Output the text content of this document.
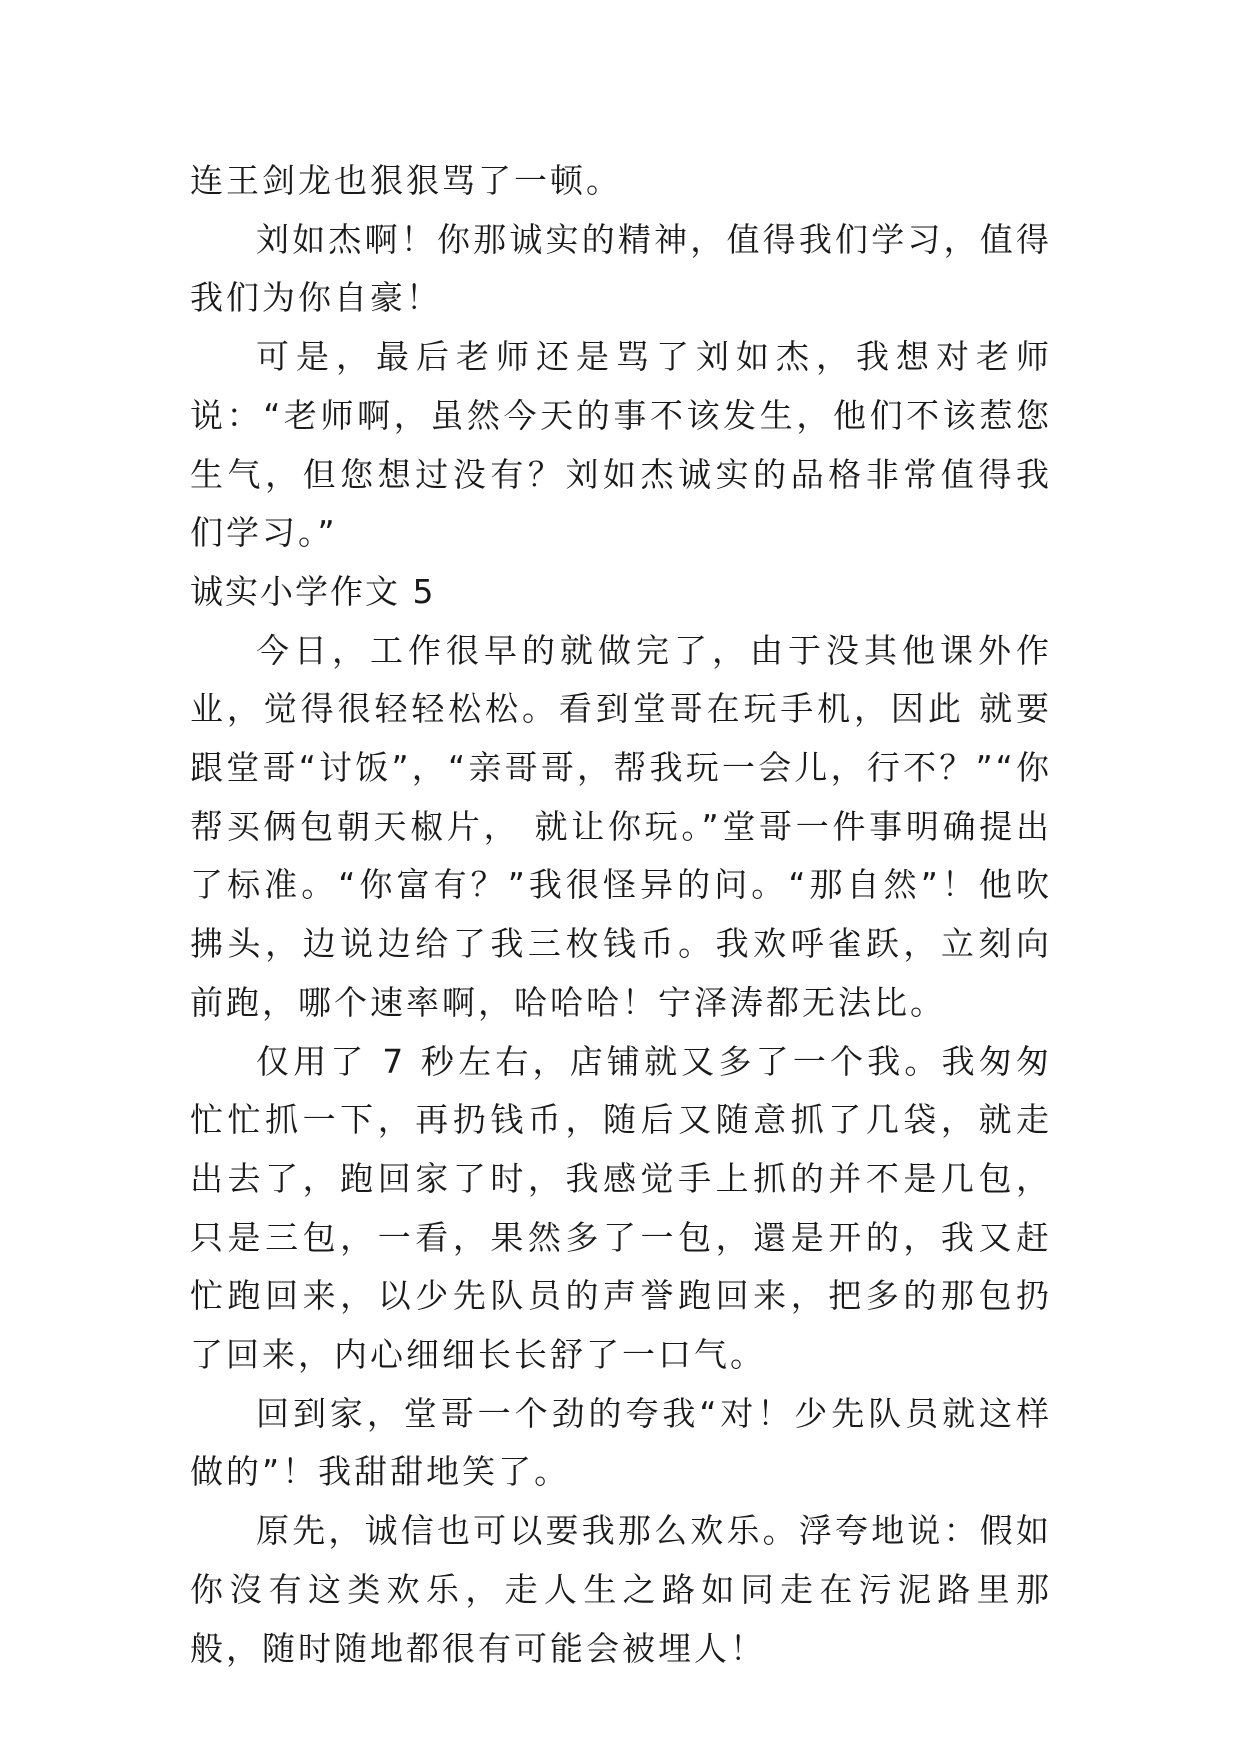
连王剑龙也狠狠骂了一顿。

刘如杰啊！你那诚实的精神，值得我们学习，值得我们为你自豪！

可是，最后老师还是骂了刘如杰，我想对老师说：“老师啊，虽然今天的事不该发生，他们不该惹您生气，但您想过没有？刘如杰诚实的品格非常值得我们学习。”

诚实小学作文 5

今日，工作很早的就做完了，由于没其他课外作业，觉得很轻轻松松。看到堂哥在玩手机，因此 就要跟堂哥“讨饭”，“亲哥哥，帮我玩一会儿，行不？”“你帮买俩包朝天椒片， 就让你玩。”堂哥一件事明确提出了标准。“你富有？”我很怪异的问。“那自然”！他吹拂头，边说边给了我三枚钱币。我欢呼雀跃，立刻向前跑，哪个速率啊，哈哈哈！宁泽涛都无法比。

仅用了 7 秒左右，店铺就又多了一个我。我匆匆忙忙抓一下，再扔钱币，随后又随意抓了几袋，就走出去了，跑回家了时，我感觉手上抓的并不是几包，只是三包，一看，果然多了一包，還是开的，我又赶忙跑回来，以少先队员的声誉跑回来，把多的那包扔了回来，内心细细长长舒了一口气。

回到家，堂哥一个劲的夸我“对！少先队员就这样做的”！我甜甜地笑了。

原先，诚信也可以要我那么欢乐。浮夸地说：假如你沒有这类欢乐，走人生之路如同走在污泥路里那般，随时随地都很有可能会被埋人！
